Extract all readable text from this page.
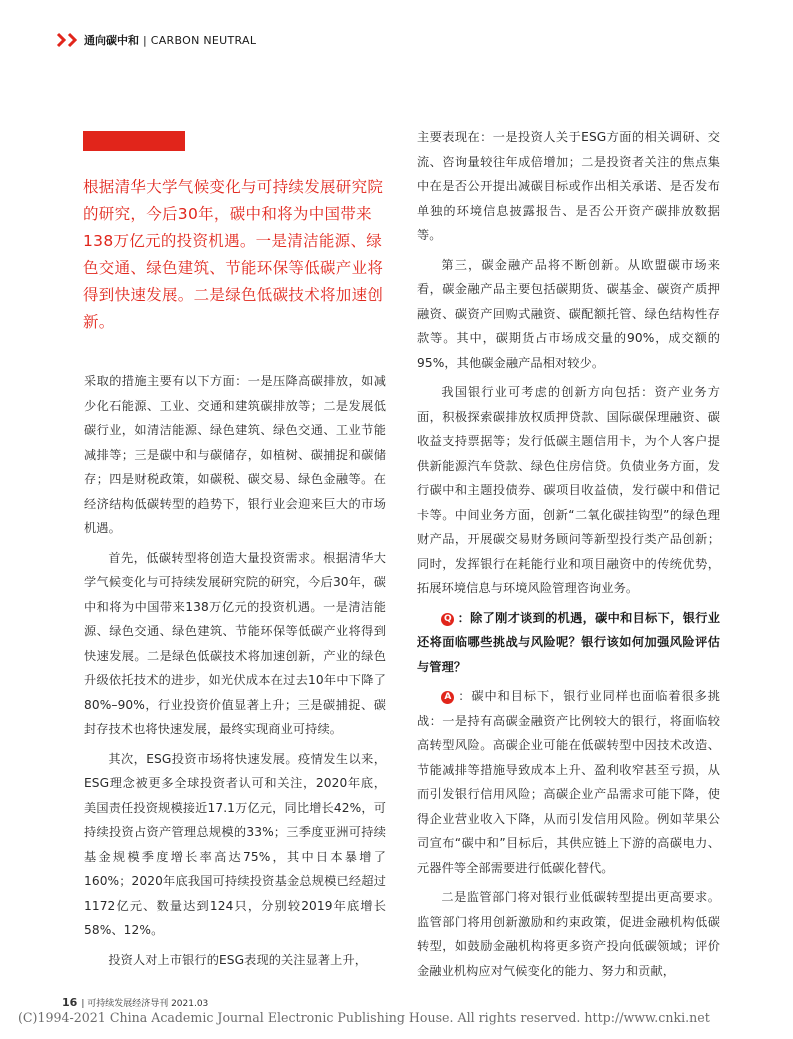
通向碳中和 | CARBON NEUTRAL
根据清华大学气候变化与可持续发展研究院的研究，今后30年，碳中和将为中国带来138万亿元的投资机遇。一是清洁能源、绿色交通、绿色建筑、节能环保等低碳产业将得到快速发展。二是绿色低碳技术将加速创新。

采取的措施主要有以下方面：一是压降高碳排放，如减少化石能源、工业、交通和建筑碳排放等；二是发展低碳行业，如清洁能源、绿色建筑、绿色交通、工业节能减排等；三是碳中和与碳储存，如植树、碳捕捉和碳储存；四是财税政策，如碳税、碳交易、绿色金融等。在经济结构低碳转型的趋势下，银行业会迎来巨大的市场机遇。

首先，低碳转型将创造大量投资需求。根据清华大学气候变化与可持续发展研究院的研究，今后30年，碳中和将为中国带来138万亿元的投资机遇。一是清洁能源、绿色交通、绿色建筑、节能环保等低碳产业将得到快速发展。二是绿色低碳技术将加速创新，产业的绿色升级依托技术的进步，如光伏成本在过去10年中下降了80%–90%，行业投资价值显著上升；三是碳捕捉、碳封存技术也将快速发展，最终实现商业可持续。

其次，ESG投资市场将快速发展。疫情发生以来，ESG理念被更多全球投资者认可和关注，2020年底，美国责任投资规模接近17.1万亿元，同比增长42%，可持续投资占资产管理总规模的33%；三季度亚洲可持续基金规模季度增长率高达75%，其中日本暴增了160%；2020年底我国可持续投资基金总规模已经超过1172亿元、数量达到124只，分别较2019年底增长58%、12%。

投资人对上市银行的ESG表现的关注显著上升，

主要表现在：一是投资人关于ESG方面的相关调研、交流、咨询量较往年成倍增加；二是投资者关注的焦点集中在是否公开提出减碳目标或作出相关承诺、是否发布单独的环境信息披露报告、是否公开资产碳排放数据等。

第三，碳金融产品将不断创新。从欧盟碳市场来看，碳金融产品主要包括碳期货、碳基金、碳资产质押融资、碳资产回购式融资、碳配额托管、绿色结构性存款等。其中，碳期货占市场成交量的90%，成交额的95%，其他碳金融产品相对较少。

我国银行业可考虑的创新方向包括：资产业务方面，积极探索碳排放权质押贷款、国际碳保理融资、碳收益支持票据等；发行低碳主题信用卡，为个人客户提供新能源汽车贷款、绿色住房信贷。负债业务方面，发行碳中和主题投债券、碳项目收益债，发行碳中和借记卡等。中间业务方面，创新“二氧化碳挂钩型”的绿色理财产品，开展碳交易财务顾问等新型投行类产品创新；同时，发挥银行在耗能行业和项目融资中的传统优势，拓展环境信息与环境风险管理咨询业务。

Q ：除了刚才谈到的机遇，碳中和目标下，银行业还将面临哪些挑战与风险呢？银行该如何加强风险评估与管理？

A ：碳中和目标下，银行业同样也面临着很多挑战：一是持有高碳金融资产比例较大的银行，将面临较高转型风险。高碳企业可能在低碳转型中因技术改造、节能减排等措施导致成本上升、盈利收窄甚至亏损，从而引发银行信用风险；高碳企业产品需求可能下降，使得企业营业收入下降，从而引发信用风险。例如苹果公司宣布“碳中和”目标后，其供应链上下游的高碳电力、元器件等全部需要进行低碳化替代。

二是监管部门将对银行业低碳转型提出更高要求。监管部门将用创新激励和约束政策，促进金融机构低碳转型，如鼓励金融机构将更多资产投向低碳领域；评价金融业机构应对气候变化的能力、努力和贡献，

16 | 可持续发展经济导刊 2021.03
(C)1994-2021 China Academic Journal Electronic Publishing House. All rights reserved. http://www.cnki.net
